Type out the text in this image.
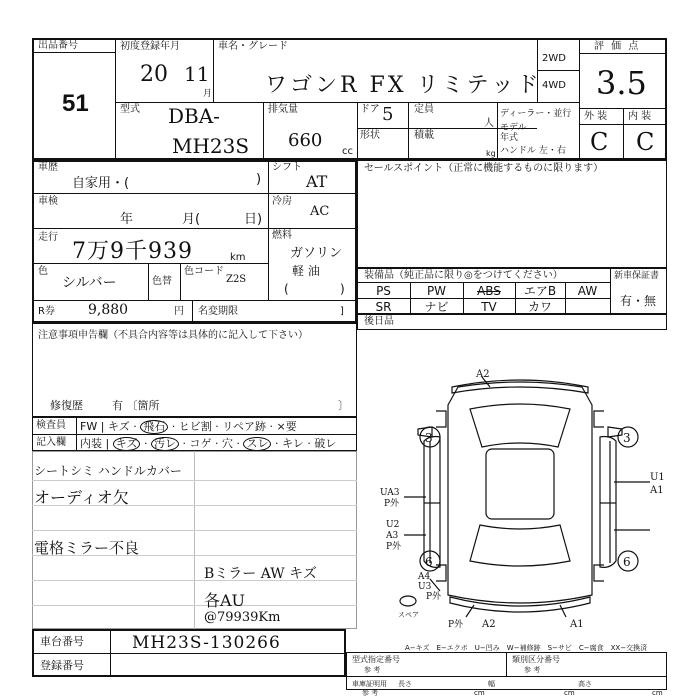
出品番号
51
初度登録年月
20 11
月
車名・グレード
ワゴンR FX リミテッド
2WD
4WD
評 価 点
3.5
外 装 内 装
C C
型式 DBA-
MH23S
排気量
660
cc
ドア 5 定員
人
形状	積載
kg
ディーラー・並行
モデル
年式
ハンドル 左・右
車歴
自家用・(	)
シフト
AT
車検
年	月(	日)
冷房
AC
走行
7万9千939	km
燃料
ガソリン
軽 油
(	)
色
シルバー	色替
色コード
Z2S
R券 9,880	円 名変期限	]
セールスポイント（正常に機能するものに限ります）
装備品（純正品に限り◎をつけてください）	新車保証書
有・無
PS	PW	ABS	エアB	AW
SR	ナビ	TV	カワ
後日品
注意事項申告欄（不具合内容等は具体的に記入して下さい）
修復歴	有 〔箇所	〕
検査員
記入欄
FW | キズ · 飛石 · ヒビ割 · リペア跡 · ×要
内装 | キズ · 汚レ · コゲ · 穴 · スレ · キレ · 破レ
シートシミ ハンドルカバー
オーディオ欠
電格ミラー不良
Bミラー AW キズ
各AU
@79939Km
A2
3	3
U1
A1
UA3
P外
U2
A3
P外
6	6
A4
U3
P外
P外 A2	A1
スペア
車台番号	MH23S-130266
登録番号
A−キズ　E−エクボ　U−凹み　W−補修跡　S−サビ　C−腐食　XX−交換済
型式指定番号
参 考
類別区分番号
参 考
車庫証明用
参 考
長さ
cm
幅
cm
高さ
cm
